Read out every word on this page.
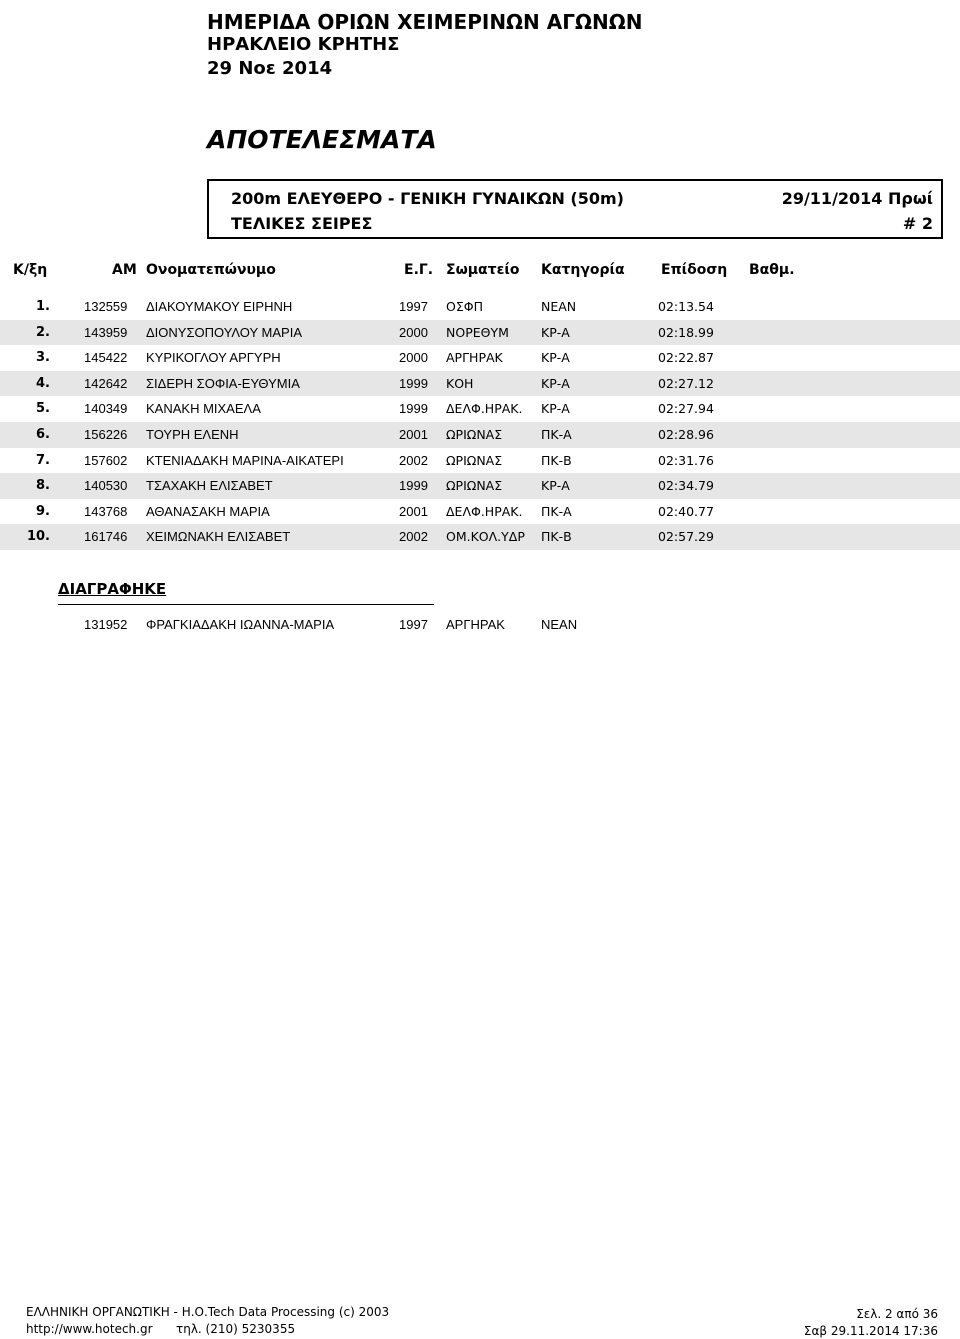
ΗΜΕΡΙΔΑ ΟΡΙΩΝ ΧΕΙΜΕΡΙΝΩΝ ΑΓΩΝΩΝ
ΗΡΑΚΛΕΙΟ ΚΡΗΤΗΣ
29 Νοε 2014
ΑΠΟΤΕΛΕΣΜΑΤΑ
200m ΕΛΕΥΘΕΡΟ - ΓΕΝΙΚΗ ΓΥΝΑΙΚΩΝ (50m)	29/11/2014 Πρωί
ΤΕΛΙΚΕΣ ΣΕΙΡΕΣ	# 2
Κ/ξη	ΑΜ Ονοματεπώνυμο	Ε.Γ. Σωματείο Κατηγορία	Επίδοση Βαθμ.
1.	132559 ΔΙΑΚΟΥΜΑΚΟΥ ΕΙΡΗΝΗ	1997 ΟΣΦΠ	ΝΕΑΝ	02:13.54
2.	143959 ΔΙΟΝΥΣΟΠΟΥΛΟΥ ΜΑΡΙΑ	2000 ΝΟΡΕΘΥΜ	ΚΡ-Α	02:18.99
3.	145422 ΚΥΡΙΚΟΓΛΟΥ ΑΡΓΥΡΗ	2000 ΑΡΓΗΡΑΚ	ΚΡ-Α	02:22.87
4.	142642 ΣΙΔΕΡΗ ΣΟΦΙΑ-ΕΥΘΥΜΙΑ	1999 ΚΟΗ	ΚΡ-Α	02:27.12
5.	140349 ΚΑΝΑΚΗ ΜΙΧΑΕΛΑ	1999 ΔΕΛΦ.ΗΡΑΚ. ΚΡ-Α	02:27.94
6.	156226 ΤΟΥΡΗ ΕΛΕΝΗ	2001 ΩΡΙΩΝΑΣ	ΠΚ-Α	02:28.96
7.	157602 ΚΤΕΝΙΑΔΑΚΗ ΜΑΡΙΝΑ-ΑΙΚΑΤΕΡΙ	2002 ΩΡΙΩΝΑΣ	ΠΚ-Β	02:31.76
8.	140530 ΤΣΑΧΑΚΗ ΕΛΙΣΑΒΕΤ	1999 ΩΡΙΩΝΑΣ	ΚΡ-Α	02:34.79
9.	143768 ΑΘΑΝΑΣΑΚΗ ΜΑΡΙΑ	2001 ΔΕΛΦ.ΗΡΑΚ. ΠΚ-Α	02:40.77
10.	161746 ΧΕΙΜΩΝΑΚΗ ΕΛΙΣΑΒΕΤ	2002 ΟΜ.ΚΟΛ.ΥΔΡ ΠΚ-Β	02:57.29
ΔΙΑΓΡΑΦΗΚΕ
131952 ΦΡΑΓΚΙΑΔΑΚΗ ΙΩΑΝΝΑ-ΜΑΡΙΑ	1997 ΑΡΓΗΡΑΚ	ΝΕΑΝ
ΕΛΛΗΝΙΚΗ ΟΡΓΑΝΩΤΙΚΗ - Η.Ο.Tech Data Processing (c) 2003
http://www.hotech.gr τηλ. (210) 5230355
Σελ. 2 από 36
Σαβ 29.11.2014 17:36
